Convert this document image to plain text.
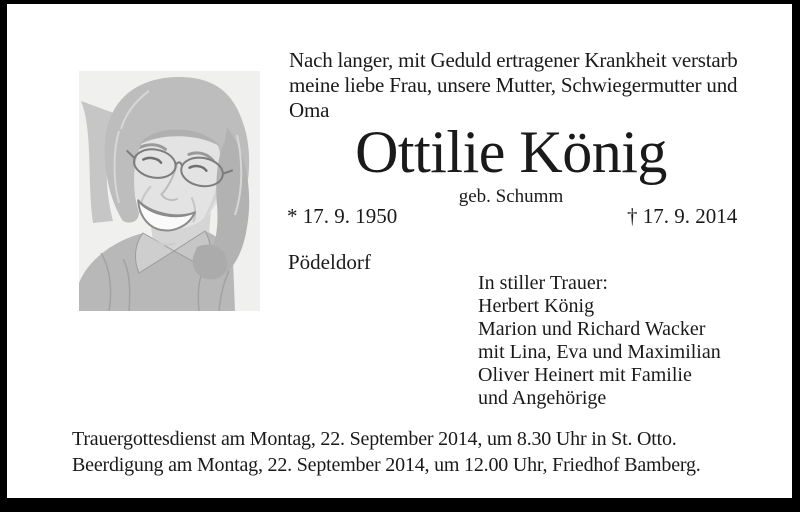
Nach langer, mit Geduld ertragener Krankheit verstarb
meine liebe Frau, unsere Mutter, Schwiegermutter und
Oma
Ottilie König
geb. Schumm
* 17. 9. 1950	† 17. 9. 2014
Pödeldorf
In stiller Trauer:
Herbert König
Marion und Richard Wacker
mit Lina, Eva und Maximilian
Oliver Heinert mit Familie
und Angehörige
Trauergottesdienst am Montag, 22. September 2014, um 8.30 Uhr in St. Otto.
Beerdigung am Montag, 22. September 2014, um 12.00 Uhr, Friedhof Bamberg.
